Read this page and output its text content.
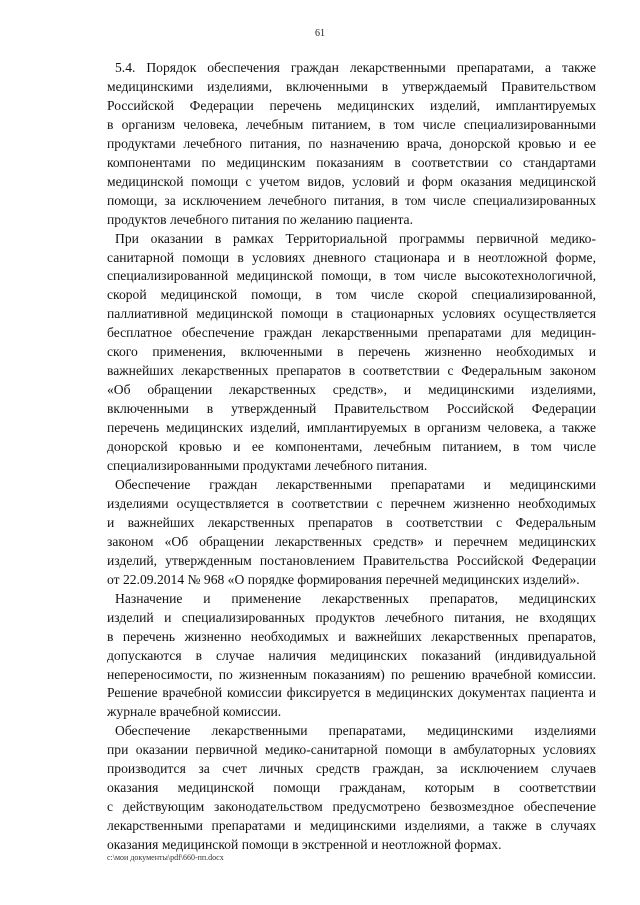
61

5.4. Порядок обеспечения граждан лекарственными препаратами, а также
медицинскими изделиями, включенными в утверждаемый Правительством
Российской Федерации перечень медицинских изделий, имплантируемых
в организм человека, лечебным питанием, в том числе специализированными
продуктами лечебного питания, по назначению врача, донорской кровью и ее
компонентами по медицинским показаниям в соответствии со стандартами
медицинской помощи с учетом видов, условий и форм оказания медицинской
помощи, за исключением лечебного питания, в том числе специализированных
продуктов лечебного питания по желанию пациента.

При оказании в рамках Территориальной программы первичной медико-
санитарной помощи в условиях дневного стационара и в неотложной форме,
специализированной медицинской помощи, в том числе высокотехнологичной,
скорой медицинской помощи, в том числе скорой специализированной,
паллиативной медицинской помощи в стационарных условиях осуществляется
бесплатное обеспечение граждан лекарственными препаратами для медицин-
ского применения, включенными в перечень жизненно необходимых и
важнейших лекарственных препаратов в соответствии с Федеральным законом
«Об обращении лекарственных средств», и медицинскими изделиями,
включенными в утвержденный Правительством Российской Федерации
перечень медицинских изделий, имплантируемых в организм человека, а также
донорской кровью и ее компонентами, лечебным питанием, в том числе
специализированными продуктами лечебного питания.

Обеспечение граждан лекарственными препаратами и медицинскими
изделиями осуществляется в соответствии с перечнем жизненно необходимых
и важнейших лекарственных препаратов в соответствии с Федеральным
законом «Об обращении лекарственных средств» и перечнем медицинских
изделий, утвержденным постановлением Правительства Российской Федерации
от 22.09.2014 № 968 «О порядке формирования перечней медицинских изделий».

Назначение и применение лекарственных препаратов, медицинских
изделий и специализированных продуктов лечебного питания, не входящих
в перечень жизненно необходимых и важнейших лекарственных препаратов,
допускаются в случае наличия медицинских показаний (индивидуальной
непереносимости, по жизненным показаниям) по решению врачебной комиссии.
Решение врачебной комиссии фиксируется в медицинских документах пациента и
журнале врачебной комиссии.

Обеспечение лекарственными препаратами, медицинскими изделиями
при оказании первичной медико-санитарной помощи в амбулаторных условиях
производится за счет личных средств граждан, за исключением случаев
оказания медицинской помощи гражданам, которым в соответствии
с действующим законодательством предусмотрено безвозмездное обеспечение
лекарственными препаратами и медицинскими изделиями, а также в случаях
оказания медицинской помощи в экстренной и неотложной формах.

c:\мои документы\pdf\660-пп.docx
